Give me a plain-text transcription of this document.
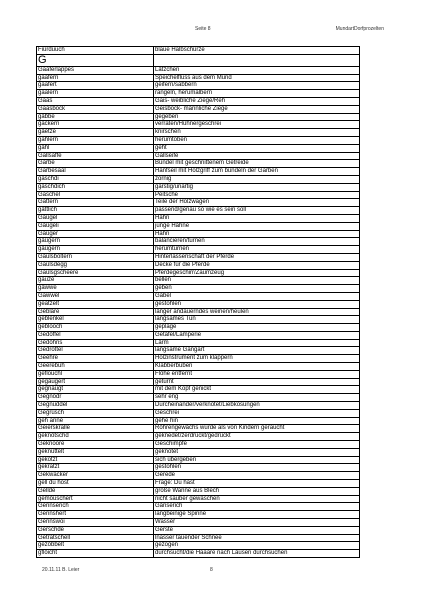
Seite 8	MundartDorfprozelten
Fiürduuch	blaue Halbschürze
G	
Gaaferlappes	Lätzchen
gaafern	Speichelfluss aus dem Mund
gaafert	geifern/sabbern
gaalern	rangeln, herumalbern
Gaas	Gais- weibliche Ziege/Reh
Gaasbock	Geisbock- männliche Ziege
gäbbe	gegeben
gackern	verraten/Hühnergeschrei
gäetze	knirschen
gahlern	herumtoben
gähl	geht
Gallsaffe	Gallseife
Garbe	Bündel mit geschnittenem Getreide
Garbesaal	Hanfseil mit Holzgriff zum bündeln der Garben
gaschdi	zornig
gaschdich	garstig/unartig
Gaschel	Peitsche
Gattern	Teile der Holzwagen
gättlich	passend/genau so wie es sein soll
Gäügel	Hahn
Gäügeli	junge Hähne
Gäüger	Hahn
gäügern	balancieren/turnen
gäügern	herumturnen
Gäulsboltern	Hinterlassenschaft der Pferde
Gaülsdegg	Decke für die Pferde
Gaülsgscheere	Pferdegeschirr/Zaumzeug
gauze	bellen
gäwwe	geben
Gawwel	Gabel
geatzelt	gestohlen
Gebläre	länger andauerndes weinen/heulen
geblenkel	langsames Tun
geblooch	geplage
Gedöffel	Getäfel/Lamperie
Gedöhns	Lärm
Gedrottel	langsame Gangart
Geehre	Holzinstrument zum klappern
Geerebuh	Klabberbuben
geflouchl	Flöhe entfernt
gegäugert	geturnt
gegnaugt	mit dem Kopf genickt
Gegnödr	sehr eng
Gegnuddel	Durcheinander/verknotet/Liebkosungen
Gegrüsch	Geschrei
geh anne	gehe hin
Geierskralle	Röhrengewächs wurde als von Kindern geraucht
geknötschd	geknedet/zerdrückt/gedrückt
Geknoore	Geschimpfe
geknüttelt	geknotet
gekotzt	sich übergeben
gekratzt	gestohlen
Gekwacker	Gerede
gell du host	Frage: Du hast
Gellde	große Wanne aus Blech
gemöuschert	nicht sauber gewaschen
Gennserich	Gänserich
Gennshert	langbeinige Spinne
Gennswoi	Wasser
Gerschde	Gerste
Getratschell	lnasser tauender Schnee
gezöbbelt	gezogen
gflöicht	durchsucht/die Haaare nach Läusen durchsuchen
20.11.11 B. Leier	8
